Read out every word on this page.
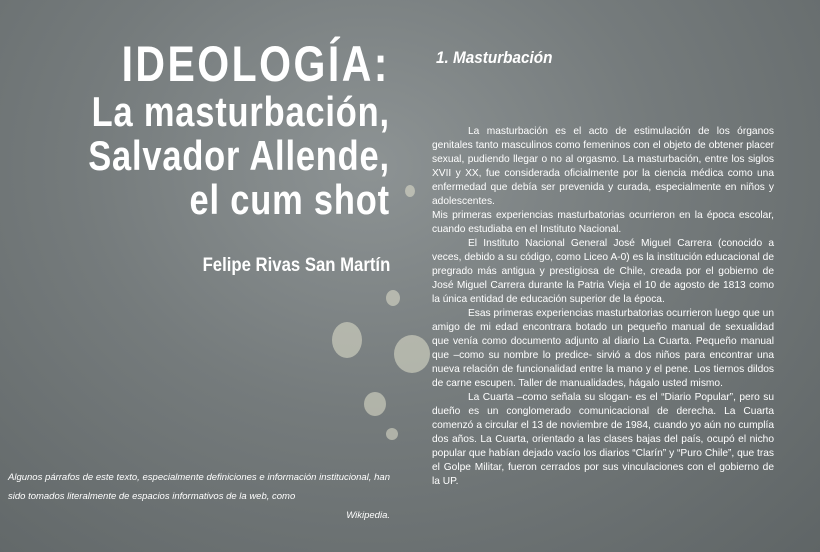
IDEOLOGÍA:
La masturbación,
Salvador Allende,
el cum shot
Felipe Rivas San Martín
Algunos párrafos de este texto, especialmente definiciones e información institucional, han sido tomados literalmente de espacios informativos de la web, como
Wikipedia.
1. Masturbación

La masturbación es el acto de estimulación de los órganos genitales tanto masculinos como femeninos con el objeto de obtener placer sexual, pudiendo llegar o no al orgasmo. La masturbación, entre los siglos XVII y XX, fue considerada oficialmente por la ciencia médica como una enfermedad que debía ser prevenida y curada, especialmente en niños y adolescentes.

Mis primeras experiencias masturbatorias ocurrieron en la época escolar, cuando estudiaba en el Instituto Nacional.

El Instituto Nacional General José Miguel Carrera (conocido a veces, debido a su código, como Liceo A-0) es la institución educacional de pregrado más antigua y prestigiosa de Chile, creada por el gobierno de José Miguel Carrera durante la Patria Vieja el 10 de agosto de 1813 como la única entidad de educación superior de la época.

Esas primeras experiencias masturbatorias ocurrieron luego que un amigo de mi edad encontrara botado un pequeño manual de sexualidad que venía como documento adjunto al diario La Cuarta. Pequeño manual que –como su nombre lo predice- sirvió a dos niños para encontrar una nueva relación de funcionalidad entre la mano y el pene. Los tiernos dildos de carne escupen. Taller de manualidades, hágalo usted mismo.

La Cuarta –como señala su slogan- es el “Diario Popular”, pero su dueño es un conglomerado comunicacional de derecha. La Cuarta comenzó a circular el 13 de noviembre de 1984, cuando yo aún no cumplía dos años. La Cuarta, orientado a las clases bajas del país, ocupó el nicho popular que habían dejado vacío los diarios “Clarín” y “Puro Chile”, que tras el Golpe Militar, fueron cerrados por sus vinculaciones con el gobierno de la UP.
